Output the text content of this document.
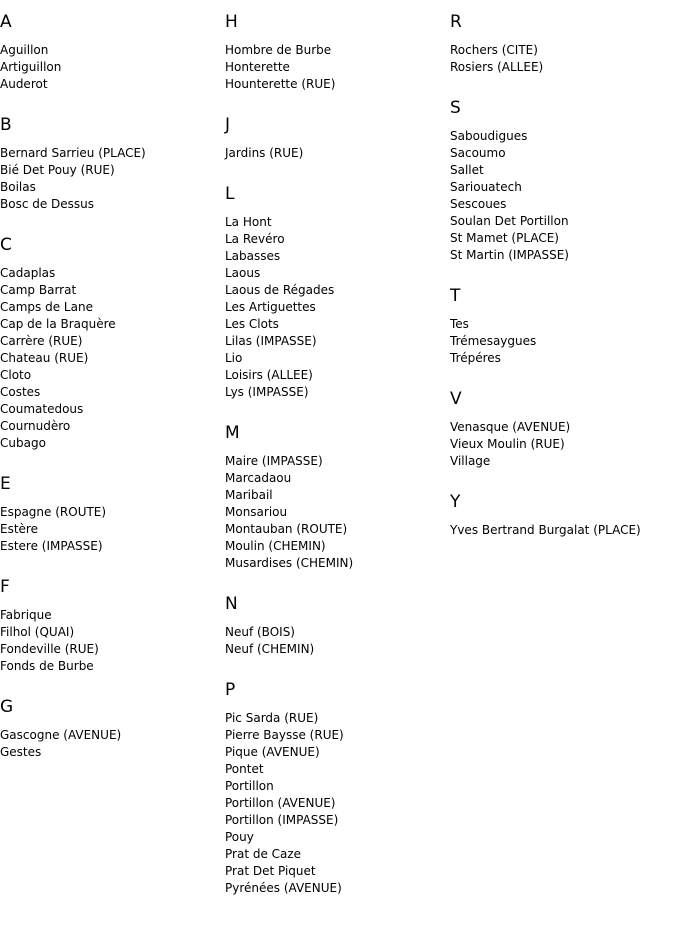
A
Aguillon
Artiguillon
Auderot
B
Bernard Sarrieu (PLACE)
Bié Det Pouy (RUE)
Boilas
Bosc de Dessus
C
Cadaplas
Camp Barrat
Camps de Lane
Cap de la Braquère
Carrère (RUE)
Chateau (RUE)
Cloto
Costes
Coumatedous
Cournudèro
Cubago
E
Espagne (ROUTE)
Estère
Estere (IMPASSE)
F
Fabrique
Filhol (QUAI)
Fondeville (RUE)
Fonds de Burbe
G
Gascogne (AVENUE)
Gestes
H
Hombre de Burbe
Honterette
Hounterette (RUE)
J
Jardins (RUE)
L
La Hont
La Revéro
Labasses
Laous
Laous de Régades
Les Artiguettes
Les Clots
Lilas (IMPASSE)
Lio
Loisirs (ALLEE)
Lys (IMPASSE)
M
Maire (IMPASSE)
Marcadaou
Maribail
Monsariou
Montauban (ROUTE)
Moulin (CHEMIN)
Musardises (CHEMIN)
N
Neuf (BOIS)
Neuf (CHEMIN)
P
Pic Sarda (RUE)
Pierre Baysse (RUE)
Pique (AVENUE)
Pontet
Portillon
Portillon (AVENUE)
Portillon (IMPASSE)
Pouy
Prat de Caze
Prat Det Piquet
Pyrénées (AVENUE)
R
Rochers (CITE)
Rosiers (ALLEE)
S
Saboudigues
Sacoumo
Sallet
Sariouatech
Sescoues
Soulan Det Portillon
St Mamet (PLACE)
St Martin (IMPASSE)
T
Tes
Trémesaygues
Trépéres
V
Venasque (AVENUE)
Vieux Moulin (RUE)
Village
Y
Yves Bertrand Burgalat (PLACE)
